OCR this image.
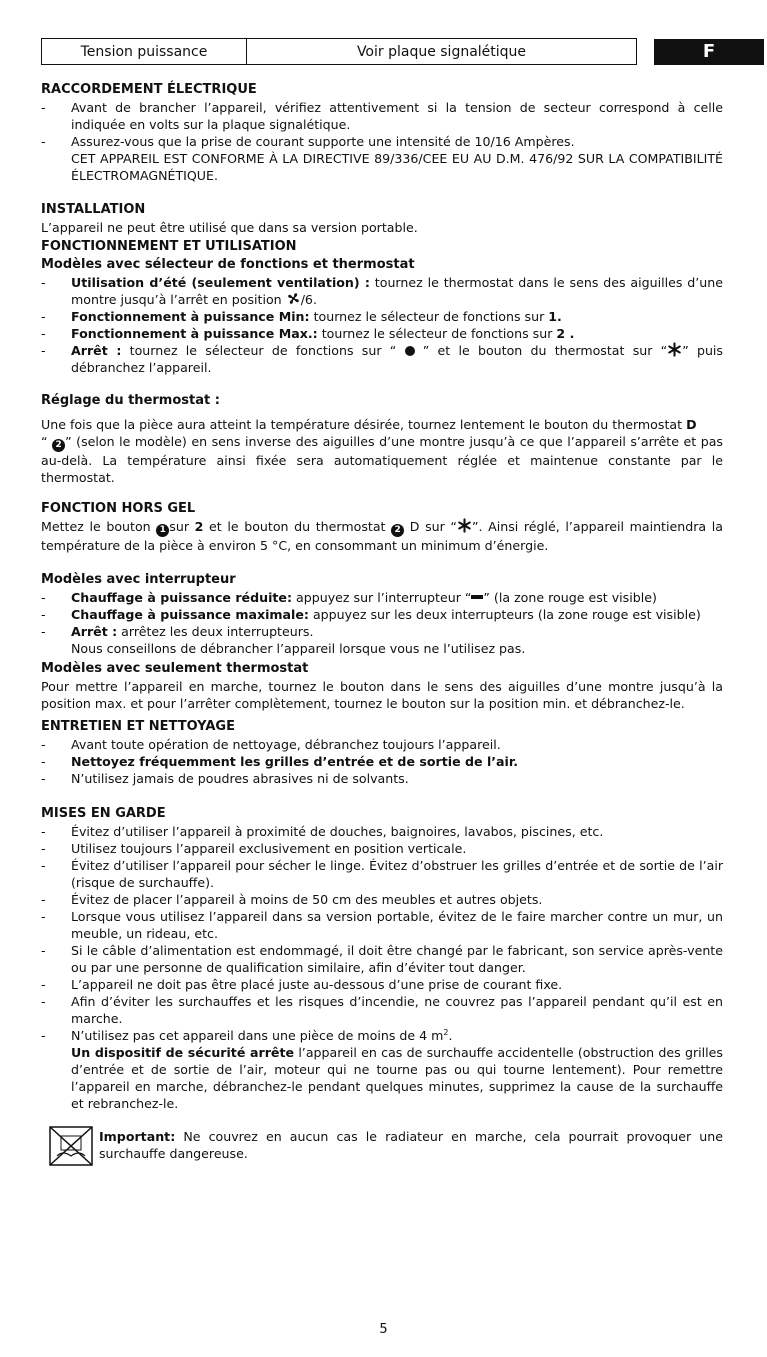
Tension puissance	Voir plaque signalétique	F
RACCORDEMENT ÉLECTRIQUE
- Avant de brancher l’appareil, vérifiez attentivement si la tension de secteur correspond à celle indiquée en volts sur la plaque signalétique.
- Assurez-vous que la prise de courant supporte une intensité de 10/16 Ampères.
CET APPAREIL EST CONFORME À LA DIRECTIVE 89/336/CEE EU AU D.M. 476/92 SUR LA COMPATIBILITÉ ÉLECTROMAGNÉTIQUE.
INSTALLATION

L’appareil ne peut être utilisé que dans sa version portable.

FONCTIONNEMENT ET UTILISATION
Modèles avec sélecteur de fonctions et thermostat
- Utilisation d’été (seulement ventilation) : tournez le thermostat dans le sens des aiguilles d’une montre jusqu’à l’arrêt en position /6.
- Fonctionnement à puissance Min: tournez le sélecteur de fonctions sur 1.
- Fonctionnement à puissance Max.: tournez le sélecteur de fonctions sur 2 .
- Arrêt : tournez le sélecteur de fonctions sur “ ” et le bouton du thermostat sur “ ” puis débranchez l’appareil.
Réglage du thermostat :

Une fois que la pièce aura atteint la température désirée, tournez lentement le bouton du thermostat D
“ 2 ” (selon le modèle) en sens inverse des aiguilles d’une montre jusqu’à ce que l’appareil s’arrête et pas au-delà. La température ainsi fixée sera automatiquement réglée et maintenue constante par le thermostat.

FONCTION HORS GEL

Mettez le bouton 1 sur 2 et le bouton du thermostat 2 D sur “ ”. Ainsi réglé, l’appareil maintiendra la température de la pièce à environ 5 °C, en consommant un minimum d’énergie.

Modèles avec interrupteur
- Chauffage à puissance réduite: appuyez sur l’interrupteur “ ” (la zone rouge est visible)
- Chauffage à puissance maximale: appuyez sur les deux interrupteurs (la zone rouge est visible)
- Arrêt : arrêtez les deux interrupteurs.
Nous conseillons de débrancher l’appareil lorsque vous ne l’utilisez pas.
Modèles avec seulement thermostat

Pour mettre l’appareil en marche, tournez le bouton dans le sens des aiguilles d’une montre jusqu’à la position max. et pour l’arrêter complètement, tournez le bouton sur la position min. et débranchez-le.

ENTRETIEN ET NETTOYAGE
- Avant toute opération de nettoyage, débranchez toujours l’appareil.
- Nettoyez fréquemment les grilles d’entrée et de sortie de l’air.
- N’utilisez jamais de poudres abrasives ni de solvants.
MISES EN GARDE
- Évitez d’utiliser l’appareil à proximité de douches, baignoires, lavabos, piscines, etc.
- Utilisez toujours l’appareil exclusivement en position verticale.
- Évitez d’utiliser l’appareil pour sécher le linge. Évitez d’obstruer les grilles d’entrée et de sortie de l’air (risque de surchauffe).
- Évitez de placer l’appareil à moins de 50 cm des meubles et autres objets.
- Lorsque vous utilisez l’appareil dans sa version portable, évitez de le faire marcher contre un mur, un meuble, un rideau, etc.
- Si le câble d’alimentation est endommagé, il doit être changé par le fabricant, son service après-vente ou par une personne de qualification similaire, afin d’éviter tout danger.
- L’appareil ne doit pas être placé juste au-dessous d’une prise de courant fixe.
- Afin d’éviter les surchauffes et les risques d’incendie, ne couvrez pas l’appareil pendant qu’il est en marche.
- N’utilisez pas cet appareil dans une pièce de moins de 4 $m^2$.
Un dispositif de sécurité arrête l’appareil en cas de surchauffe accidentelle (obstruction des grilles d’entrée et de sortie de l’air, moteur qui ne tourne pas ou qui tourne lentement). Pour remettre l’appareil en marche, débranchez-le pendant quelques minutes, supprimez la cause de la surchauffe et rebranchez-le.

Important: Ne couvrez en aucun cas le radiateur en marche, cela pourrait provoquer une surchauffe dangereuse.

5
